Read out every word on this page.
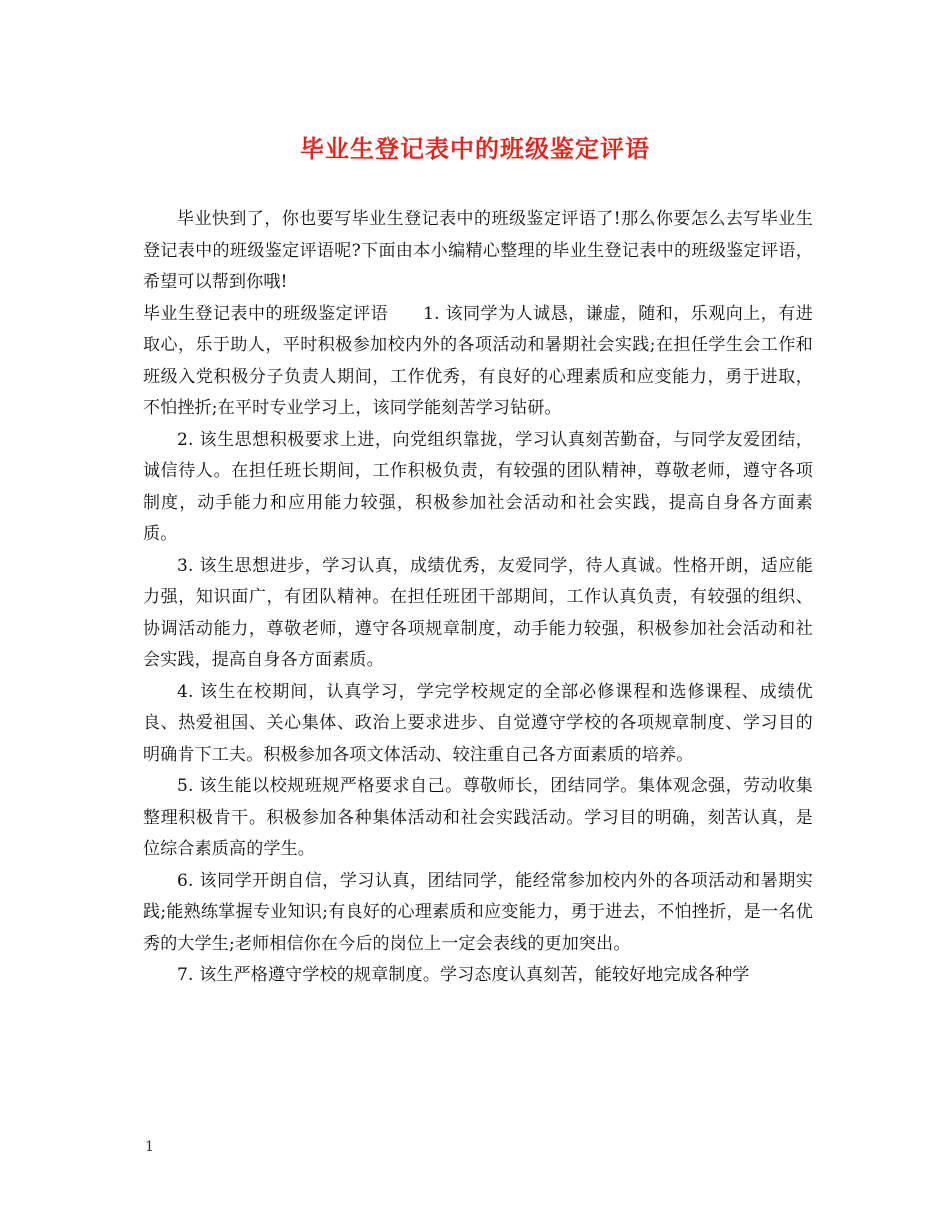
毕业生登记表中的班级鉴定评语

毕业快到了，你也要写毕业生登记表中的班级鉴定评语了!那么你要怎么去写毕业生登记表中的班级鉴定评语呢?下面由本小编精心整理的毕业生登记表中的班级鉴定评语，希望可以帮到你哦!

毕业生登记表中的班级鉴定评语　　1. 该同学为人诚恳，谦虚，随和，乐观向上，有进取心，乐于助人，平时积极参加校内外的各项活动和暑期社会实践;在担任学生会工作和班级入党积极分子负责人期间，工作优秀，有良好的心理素质和应变能力，勇于进取，不怕挫折;在平时专业学习上，该同学能刻苦学习钻研。

2. 该生思想积极要求上进，向党组织靠拢，学习认真刻苦勤奋，与同学友爱团结，诚信待人。在担任班长期间，工作积极负责，有较强的团队精神，尊敬老师，遵守各项制度，动手能力和应用能力较强，积极参加社会活动和社会实践，提高自身各方面素质。

3. 该生思想进步，学习认真，成绩优秀，友爱同学，待人真诚。性格开朗，适应能力强，知识面广，有团队精神。在担任班团干部期间，工作认真负责，有较强的组织、协调活动能力，尊敬老师，遵守各项规章制度，动手能力较强，积极参加社会活动和社会实践，提高自身各方面素质。

4. 该生在校期间，认真学习，学完学校规定的全部必修课程和选修课程、成绩优良、热爱祖国、关心集体、政治上要求进步、自觉遵守学校的各项规章制度、学习目的明确肯下工夫。积极参加各项文体活动、较注重自己各方面素质的培养。

5. 该生能以校规班规严格要求自己。尊敬师长，团结同学。集体观念强，劳动收集整理积极肯干。积极参加各种集体活动和社会实践活动。学习目的明确，刻苦认真，是位综合素质高的学生。

6. 该同学开朗自信，学习认真，团结同学，能经常参加校内外的各项活动和暑期实践;能熟练掌握专业知识;有良好的心理素质和应变能力，勇于进去，不怕挫折，是一名优秀的大学生;老师相信你在今后的岗位上一定会表线的更加突出。

7. 该生严格遵守学校的规章制度。学习态度认真刻苦，能较好地完成各种学

1
